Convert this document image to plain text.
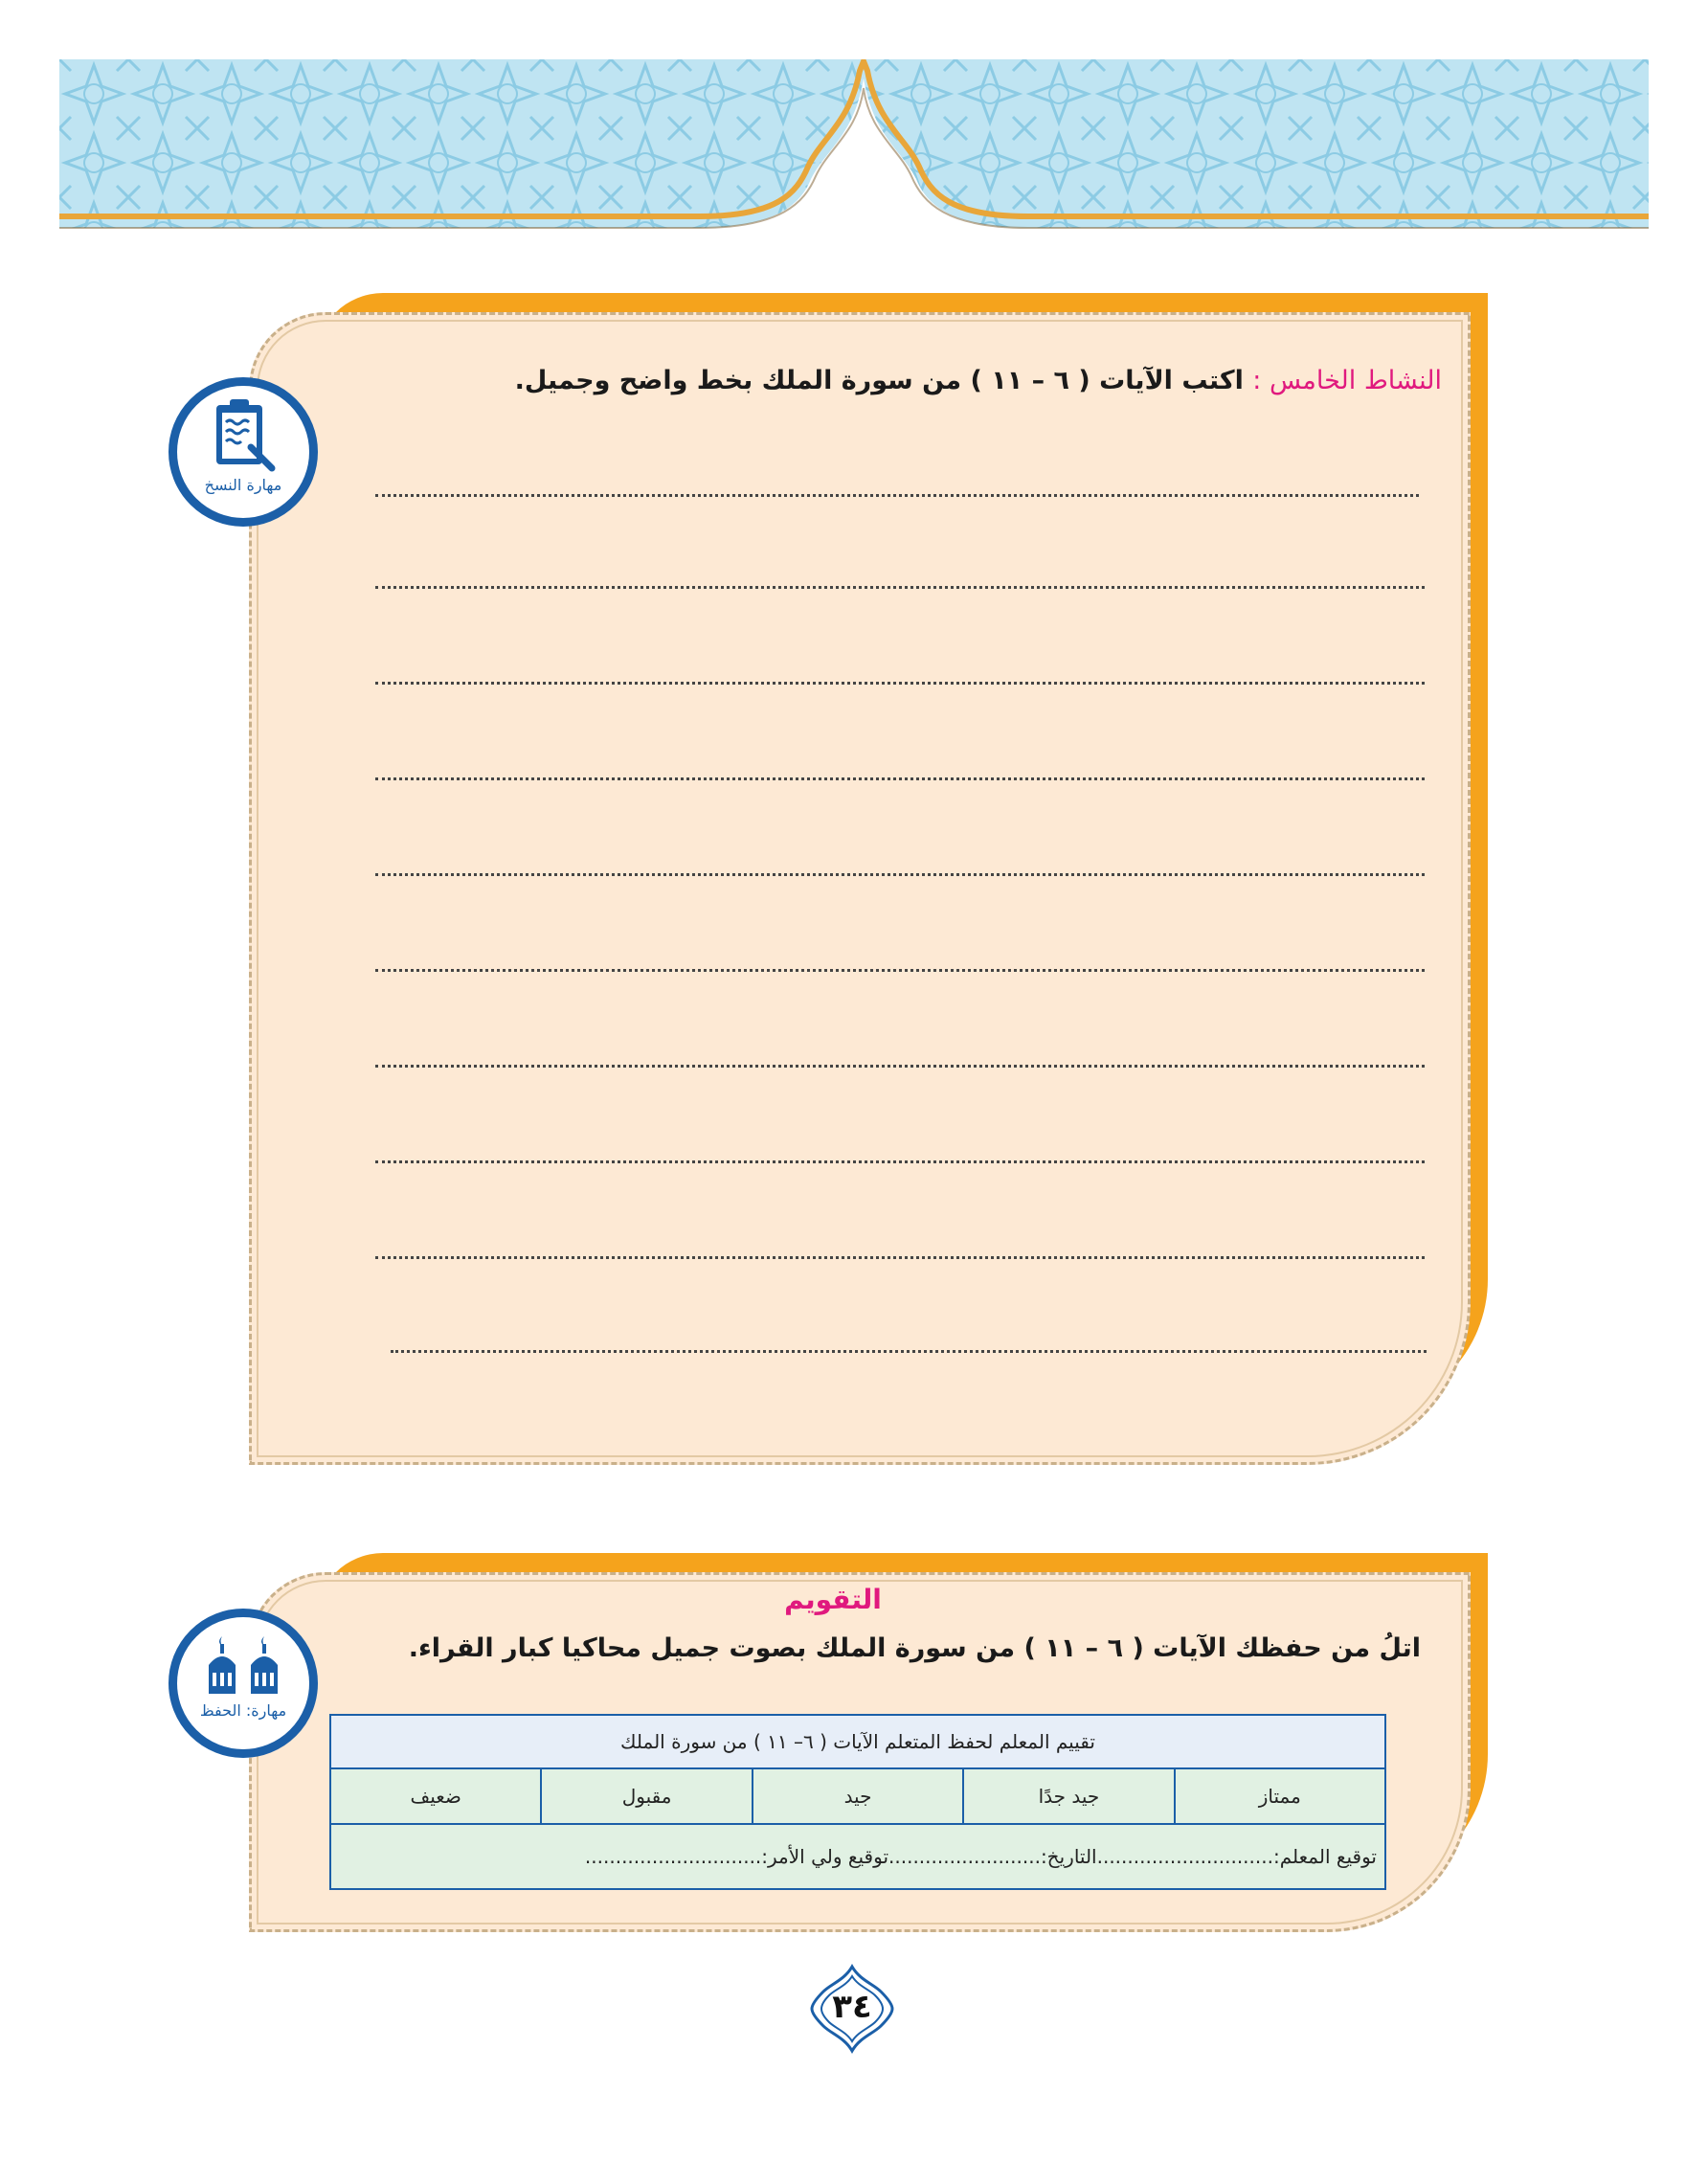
مهارة النسخ
النشاط الخامس : اكتب الآيات ( ٦ – ١١ ) من سورة الملك بخط واضح وجميل.
مهارة: الحفظ
التقويم
اتلُ من حفظك الآيات ( ٦ – ١١ ) من سورة الملك بصوت جميل محاكيا كبار القراء.
تقييم المعلم لحفظ المتعلم الآيات ( ٦– ١١ ) من سورة الملك
ممتاز	جيد جدًا	جيد	مقبول	ضعيف
توقيع المعلم:.............................التاريخ:.........................توقيع ولي الأمر:.............................
٣٤
